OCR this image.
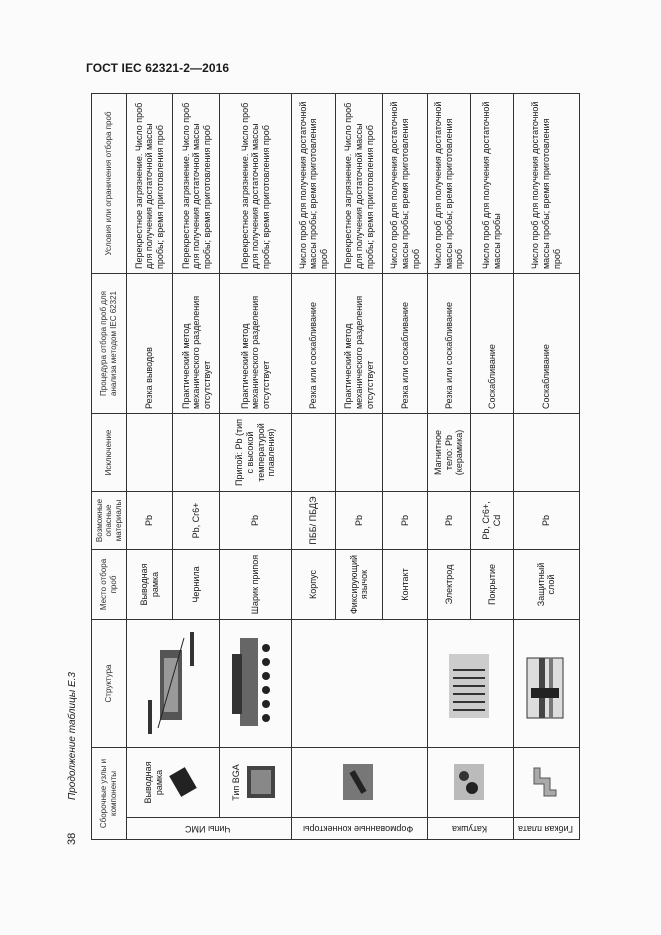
ГОСТ IEC 62321-2—2016
38
Продолжение таблицы Е.3	Сборочные узлы и компоненты		Структура	Место отбора проб	Возможные опасные материалы	Исключение	Процедура отбора проб для анализа методом IEC 62321	Условия или ограничения отбора проб
Чипы ИМС	Выводная рамка		Выводная рамка	Pb		Резка выводов	Перекрестное загрязнение. Число проб для получения достаточной массы пробы; время приготовления проб
			Чернила	Pb, Cr6+		Практический метод механического разделения отсутствует	Перекрестное загрязнение. Число проб для получения достаточной массы пробы; время приготовления проб

	Тип BGA		Шарик припоя	Pb	Припой: Pb (тип с высокой температурой плавления)	Практический метод механического разделения отсутствует	Перекрестное загрязнение. Число проб для получения достаточной массы пробы; время приготовления проб
Формованные коннекторы			Корпус	ПББ/ ПБДЭ		Резка или соскабливание	Число проб для получения достаточной массы пробы; время приготовления проб
			Фиксирующий язычок	Pb		Практический метод механического разделения отсутствует	Перекрестное загрязнение. Число проб для получения достаточной массы пробы; время приготовления проб
			Контакт	Pb		Резка или соскабливание	Число проб для получения достаточной массы пробы; время приготовления проб
Катушка			Электрод	Pb	Магнитное тело: Pb (керамика)	Резка или соскабливание	Число проб для получения достаточной массы пробы; время приготовления проб
			Покрытие	Pb, Cr6+, Cd		Соскабливание	Число проб для получения достаточной массы пробы
Гибкая плата			Защитный слой	Pb		Соскабливание	Число проб для получения достаточной массы пробы; время приготовления проб
